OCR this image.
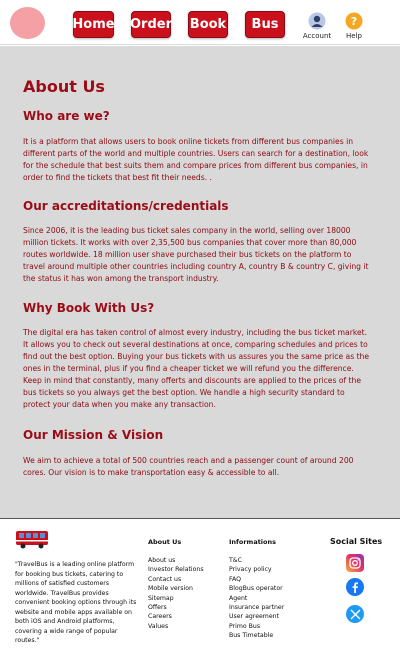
Home Order Book	Bus
Account
?
Help
About Us
Who are we?

It is a platform that allows users to book online tickets from different bus companies in different parts of the world and multiple countries. Users can search for a destination, look for the schedule that best suits them and compare prices from different bus companies, in order to find the tickets that best fit their needs. .

Our accreditations/credentials

Since 2006, it is the leading bus ticket sales company in the world, selling over 18000 million tickets. It works with over 2,35,500 bus companies that cover more than 80,000 routes worldwide. 18 million user shave purchased their bus tickets on the platform to travel around multiple other countries including country A, country B & country C, giving it the status it has won among the transport industry.

Why Book With Us?

The digital era has taken control of almost every industry, including the bus ticket market. It allows you to check out several destinations at once, comparing schedules and prices to find out the best option. Buying your bus tickets with us assures you the same price as the ones in the terminal, plus if you find a cheaper ticket we will refund you the difference. Keep in mind that constantly, many offerts and discounts are applied to the prices of the bus tickets so you always get the best option. We handle a high security standard to protect your data when you make any transaction.

Our Mission & Vision

We aim to achieve a total of 500 countries reach and a passenger count of around 200 cores. Our vision is to make transportation easy & accessible to all.

"TravelBus is a leading online platform for booking bus tickets, catering to millions of satisfied customers worldwide. TravelBus provides convenient booking options through its website and mobile apps available on both iOS and Android platforms, covering a wide range of popular routes."
About Us
About us
Investor Relations
Contact us
Mobile version
Sitemap
Offers
Careers
Values
Informations
T&C
Privacy policy
FAQ
BlogBus operator
Agent
Insurance partner
User agreement
Primo Bus
Bus Timetable
Social Sites
